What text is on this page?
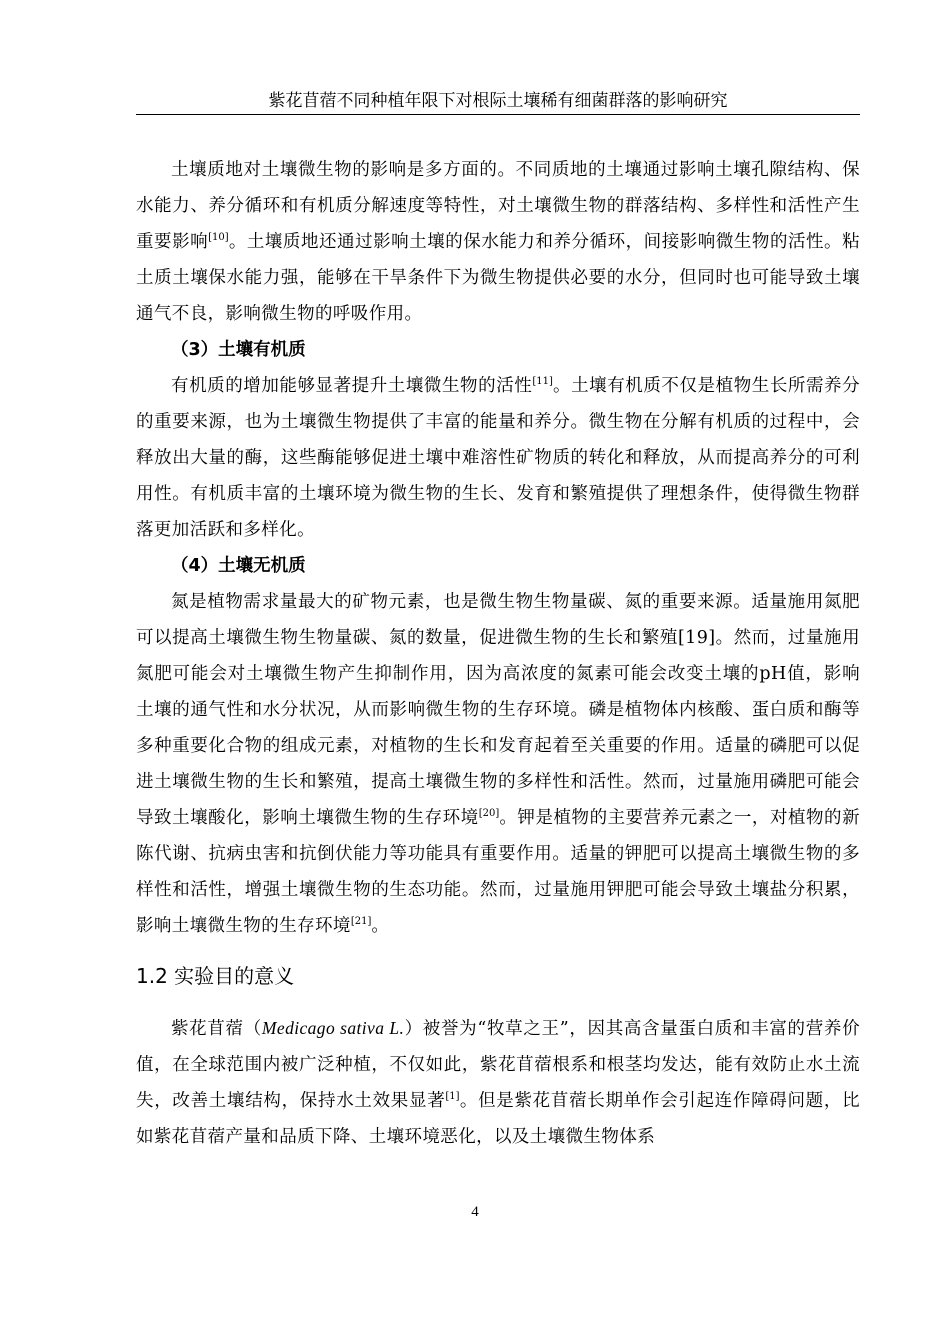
紫花苜蓿不同种植年限下对根际土壤稀有细菌群落的影响研究

土壤质地对土壤微生物的影响是多方面的。不同质地的土壤通过影响土壤孔隙结构、保水能力、养分循环和有机质分解速度等特性，对土壤微生物的群落结构、多样性和活性产生重要影响[10]。土壤质地还通过影响土壤的保水能力和养分循环，间接影响微生物的活性。粘土质土壤保水能力强，能够在干旱条件下为微生物提供必要的水分，但同时也可能导致土壤通气不良，影响微生物的呼吸作用。

（3）土壤有机质

有机质的增加能够显著提升土壤微生物的活性[11]。土壤有机质不仅是植物生长所需养分的重要来源，也为土壤微生物提供了丰富的能量和养分。微生物在分解有机质的过程中，会释放出大量的酶，这些酶能够促进土壤中难溶性矿物质的转化和释放，从而提高养分的可利用性。有机质丰富的土壤环境为微生物的生长、发育和繁殖提供了理想条件，使得微生物群落更加活跃和多样化。

（4）土壤无机质

氮是植物需求量最大的矿物元素，也是微生物生物量碳、氮的重要来源。适量施用氮肥可以提高土壤微生物生物量碳、氮的数量，促进微生物的生长和繁殖[19]。然而，过量施用氮肥可能会对土壤微生物产生抑制作用，因为高浓度的氮素可能会改变土壤的pH值，影响土壤的通气性和水分状况，从而影响微生物的生存环境。磷是植物体内核酸、蛋白质和酶等多种重要化合物的组成元素，对植物的生长和发育起着至关重要的作用。适量的磷肥可以促进土壤微生物的生长和繁殖，提高土壤微生物的多样性和活性。然而，过量施用磷肥可能会导致土壤酸化，影响土壤微生物的生存环境[20]。钾是植物的主要营养元素之一，对植物的新陈代谢、抗病虫害和抗倒伏能力等功能具有重要作用。适量的钾肥可以提高土壤微生物的多样性和活性，增强土壤微生物的生态功能。然而，过量施用钾肥可能会导致土壤盐分积累，影响土壤微生物的生存环境[21]。

1.2 实验目的意义

紫花苜蓿（Medicago sativa L.）被誉为“牧草之王”，因其高含量蛋白质和丰富的营养价值，在全球范围内被广泛种植，不仅如此，紫花苜蓿根系和根茎均发达，能有效防止水土流失，改善土壤结构，保持水土效果显著[1]。但是紫花苜蓿长期单作会引起连作障碍问题，比如紫花苜蓿产量和品质下降、土壤环境恶化，以及土壤微生物体系

4
